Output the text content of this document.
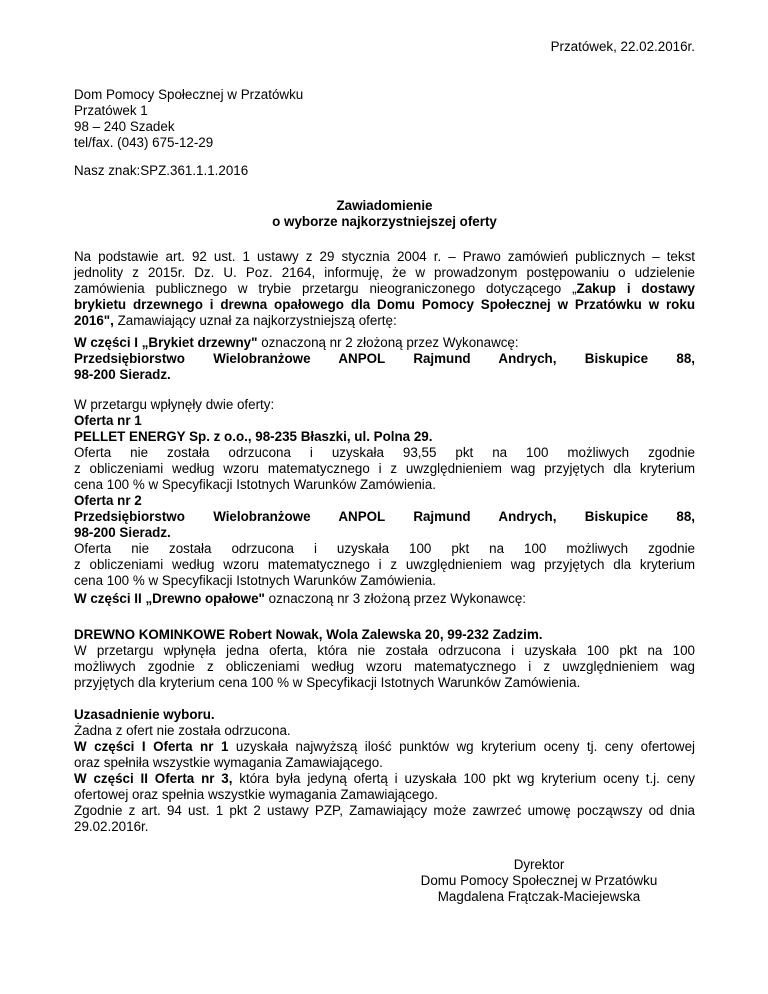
Przatówek, 22.02.2016r.
Dom Pomocy Społecznej w Przatówku
Przatówek 1
98 – 240 Szadek
tel/fax. (043) 675-12-29
Nasz znak:SPZ.361.1.1.2016
Zawiadomienie
o wyborze najkorzystniejszej oferty
Na podstawie art. 92 ust. 1 ustawy z 29 stycznia 2004 r. – Prawo zamówień publicznych – tekst
jednolity z 2015r. Dz. U. Poz. 2164, informuję, że w prowadzonym postępowaniu o udzielenie
zamówienia publicznego w trybie przetargu nieograniczonego dotyczącego „Zakup i dostawy
brykietu drzewnego i drewna opałowego dla Domu Pomocy Społecznej w Przatówku w roku
2016", Zamawiający uznał za najkorzystniejszą ofertę:
W części I „Brykiet drzewny" oznaczoną nr 2 złożoną przez Wykonawcę:
Przedsiębiorstwo Wielobranżowe ANPOL Rajmund Andrych, Biskupice 88,
98-200 Sieradz.
W przetargu wpłynęły dwie oferty:
Oferta nr 1
PELLET ENERGY Sp. z o.o., 98-235 Błaszki, ul. Polna 29.
Oferta nie została odrzucona i uzyskała 93,55 pkt na 100 możliwych zgodnie
z obliczeniami według wzoru matematycznego i z uwzględnieniem wag przyjętych dla kryterium
cena 100 % w Specyfikacji Istotnych Warunków Zamówienia.
Oferta nr 2
Przedsiębiorstwo Wielobranżowe ANPOL Rajmund Andrych, Biskupice 88,
98-200 Sieradz.
Oferta nie została odrzucona i uzyskała 100 pkt na 100 możliwych zgodnie
z obliczeniami według wzoru matematycznego i z uwzględnieniem wag przyjętych dla kryterium
cena 100 % w Specyfikacji Istotnych Warunków Zamówienia.
W części II „Drewno opałowe" oznaczoną nr 3 złożoną przez Wykonawcę:
DREWNO KOMINKOWE Robert Nowak, Wola Zalewska 20, 99-232 Zadzim.
W przetargu wpłynęła jedna oferta, która nie została odrzucona i uzyskała 100 pkt na 100
możliwych zgodnie z obliczeniami według wzoru matematycznego i z uwzględnieniem wag
przyjętych dla kryterium cena 100 % w Specyfikacji Istotnych Warunków Zamówienia.
Uzasadnienie wyboru.
Żadna z ofert nie została odrzucona.
W części I Oferta nr 1 uzyskała najwyższą ilość punktów wg kryterium oceny tj. ceny ofertowej
oraz spełniła wszystkie wymagania Zamawiającego.
W części II Oferta nr 3, która była jedyną ofertą i uzyskała 100 pkt wg kryterium oceny t.j. ceny
ofertowej oraz spełnia wszystkie wymagania Zamawiającego.
Zgodnie z art. 94 ust. 1 pkt 2 ustawy PZP, Zamawiający może zawrzeć umowę począwszy od dnia
29.02.2016r.
Dyrektor
Domu Pomocy Społecznej w Przatówku
Magdalena Frątczak-Maciejewska
